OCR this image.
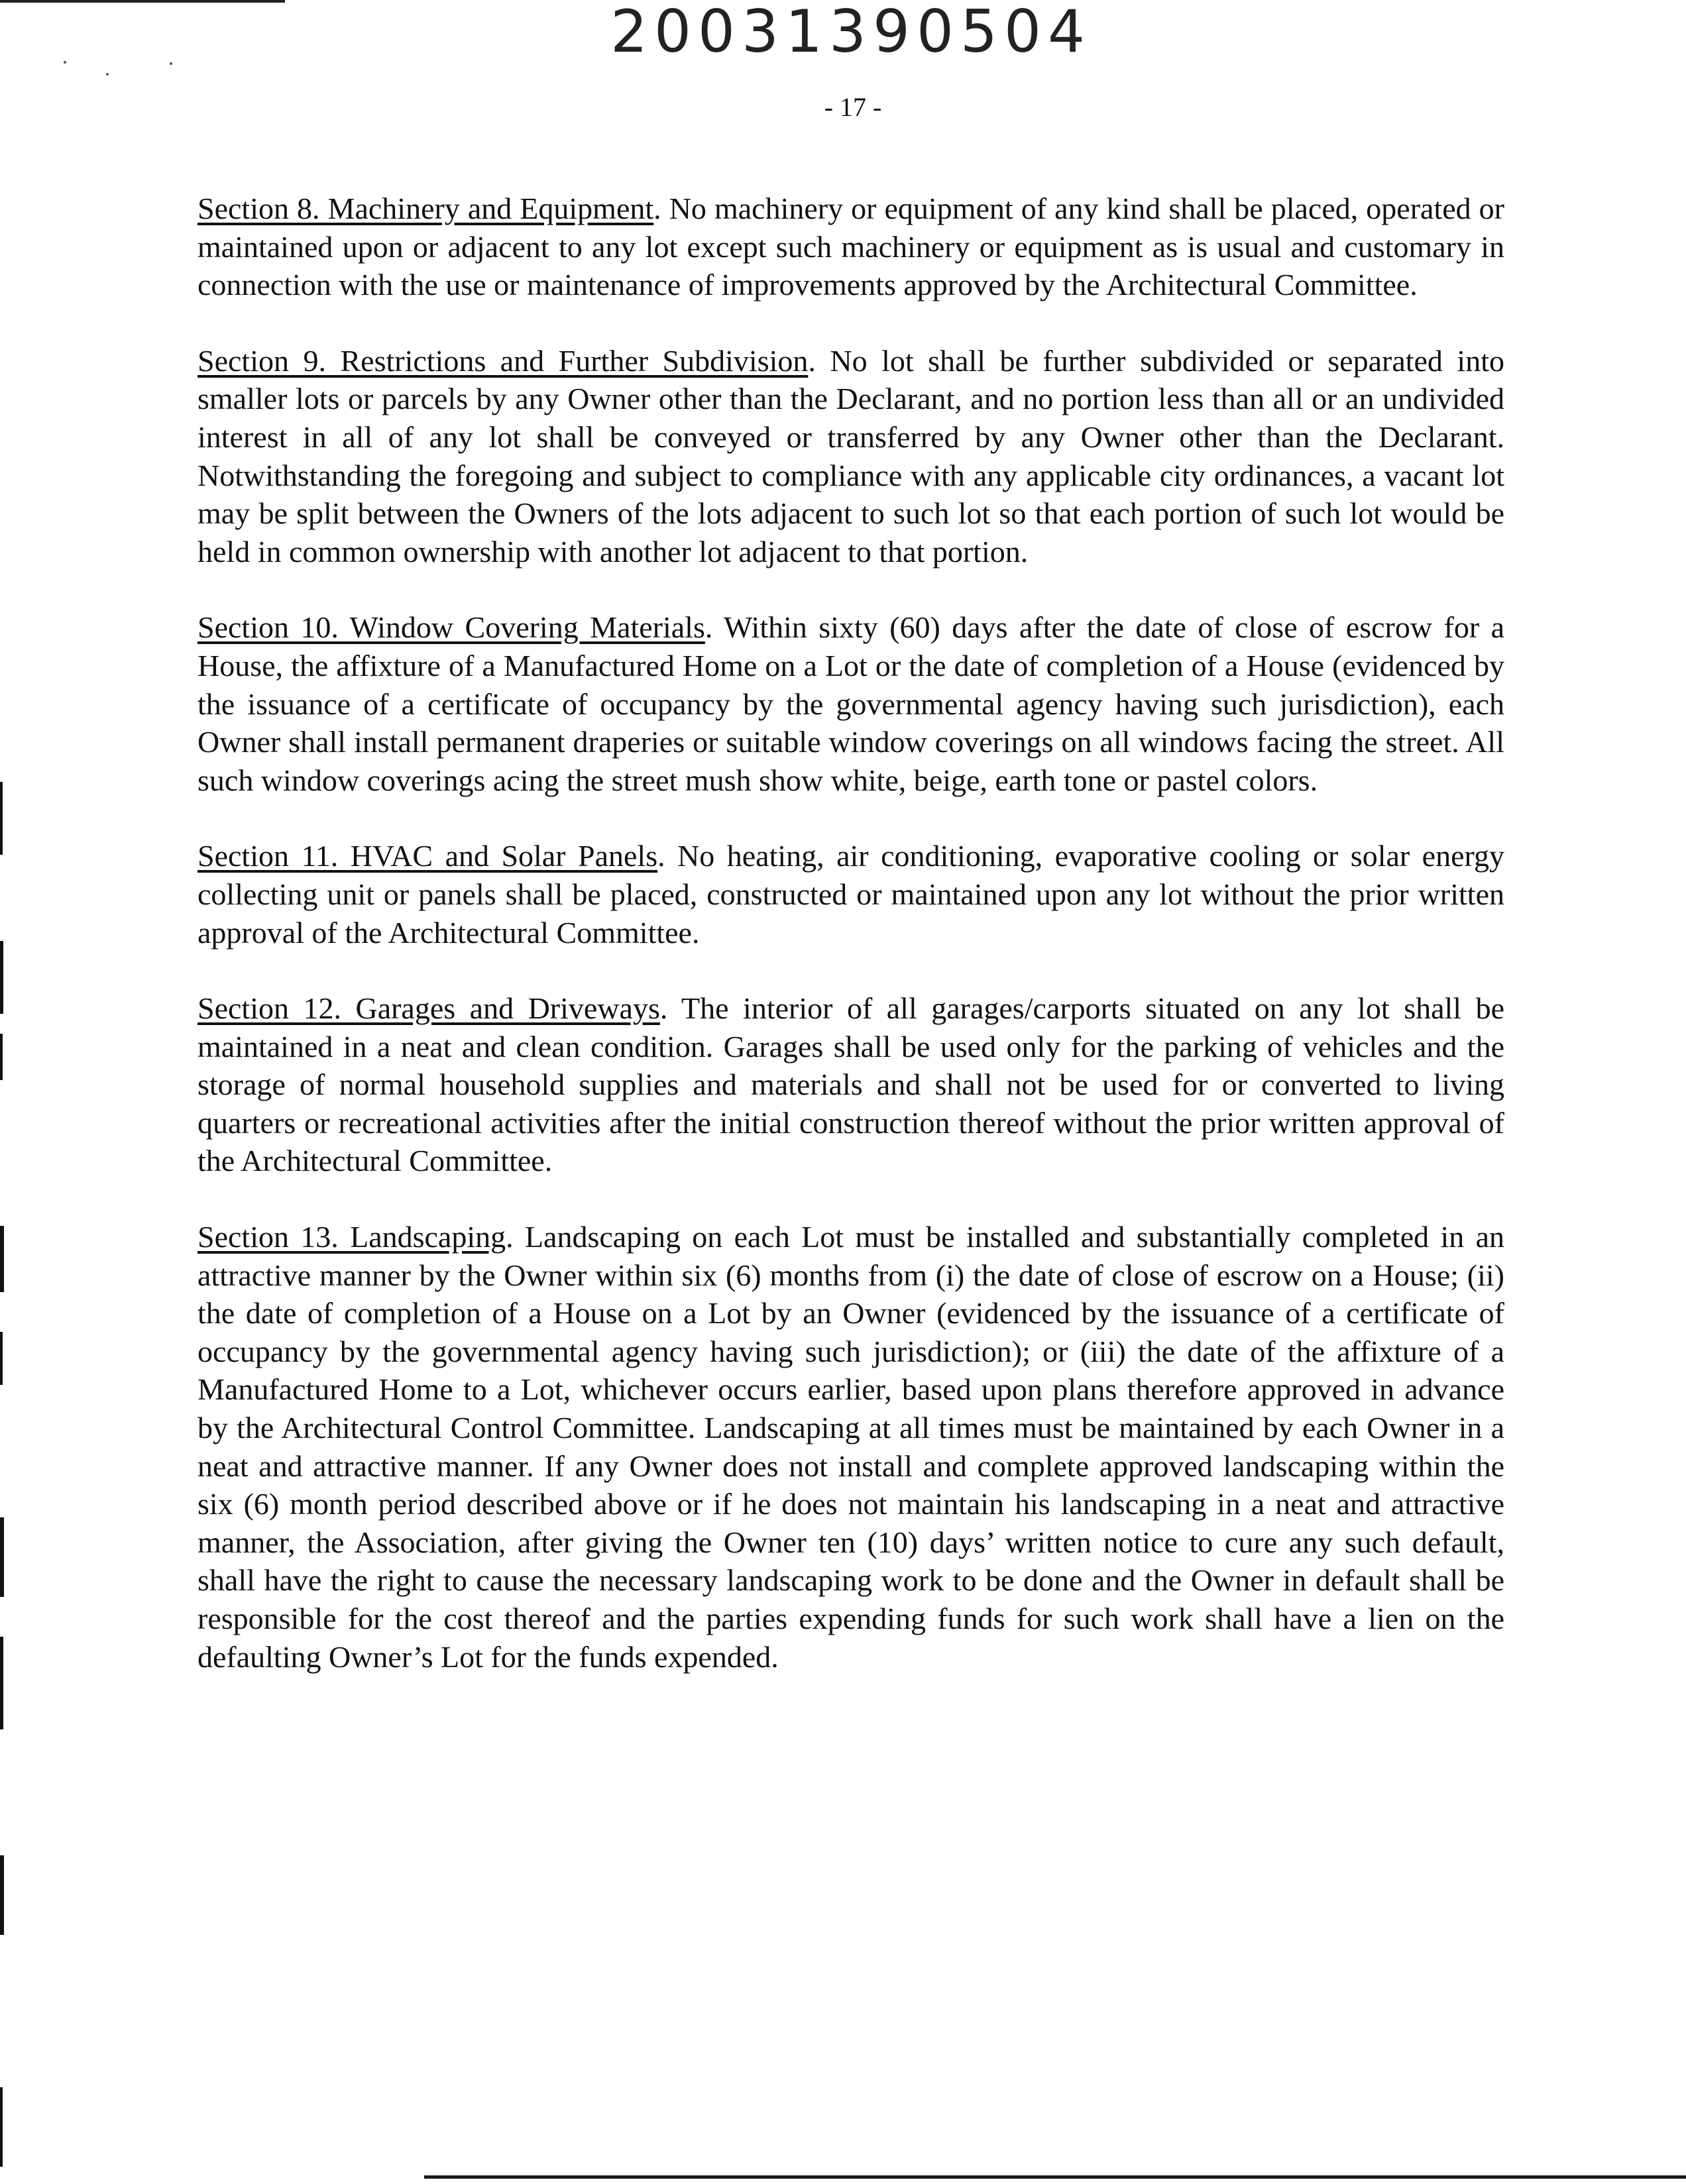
20031390504
- 17 -

Section 8. Machinery and Equipment. No machinery or equipment of any kind shall be placed, operated or maintained upon or adjacent to any lot except such machinery or equipment as is usual and customary in connection with the use or maintenance of improvements approved by the Architectural Committee.

Section 9. Restrictions and Further Subdivision. No lot shall be further subdivided or separated into smaller lots or parcels by any Owner other than the Declarant, and no portion less than all or an undivided interest in all of any lot shall be conveyed or transferred by any Owner other than the Declarant. Notwithstanding the foregoing and subject to compliance with any applicable city ordinances, a vacant lot may be split between the Owners of the lots adjacent to such lot so that each portion of such lot would be held in common ownership with another lot adjacent to that portion.

Section 10. Window Covering Materials. Within sixty (60) days after the date of close of escrow for a House, the affixture of a Manufactured Home on a Lot or the date of completion of a House (evidenced by the issuance of a certificate of occupancy by the governmental agency having such jurisdiction), each Owner shall install permanent draperies or suitable window coverings on all windows facing the street. All such window coverings acing the street mush show white, beige, earth tone or pastel colors.

Section 11. HVAC and Solar Panels. No heating, air conditioning, evaporative cooling or solar energy collecting unit or panels shall be placed, constructed or maintained upon any lot without the prior written approval of the Architectural Committee.

Section 12. Garages and Driveways. The interior of all garages/carports situated on any lot shall be maintained in a neat and clean condition. Garages shall be used only for the parking of vehicles and the storage of normal household supplies and materials and shall not be used for or converted to living quarters or recreational activities after the initial construction thereof without the prior written approval of the Architectural Committee.

Section 13. Landscaping. Landscaping on each Lot must be installed and substantially completed in an attractive manner by the Owner within six (6) months from (i) the date of close of escrow on a House; (ii) the date of completion of a House on a Lot by an Owner (evidenced by the issuance of a certificate of occupancy by the governmental agency having such jurisdiction); or (iii) the date of the affixture of a Manufactured Home to a Lot, whichever occurs earlier, based upon plans therefore approved in advance by the Architectural Control Committee. Landscaping at all times must be maintained by each Owner in a neat and attractive manner. If any Owner does not install and complete approved landscaping within the six (6) month period described above or if he does not maintain his landscaping in a neat and attractive manner, the Association, after giving the Owner ten (10) days’ written notice to cure any such default, shall have the right to cause the necessary landscaping work to be done and the Owner in default shall be responsible for the cost thereof and the parties expending funds for such work shall have a lien on the defaulting Owner’s Lot for the funds expended.
